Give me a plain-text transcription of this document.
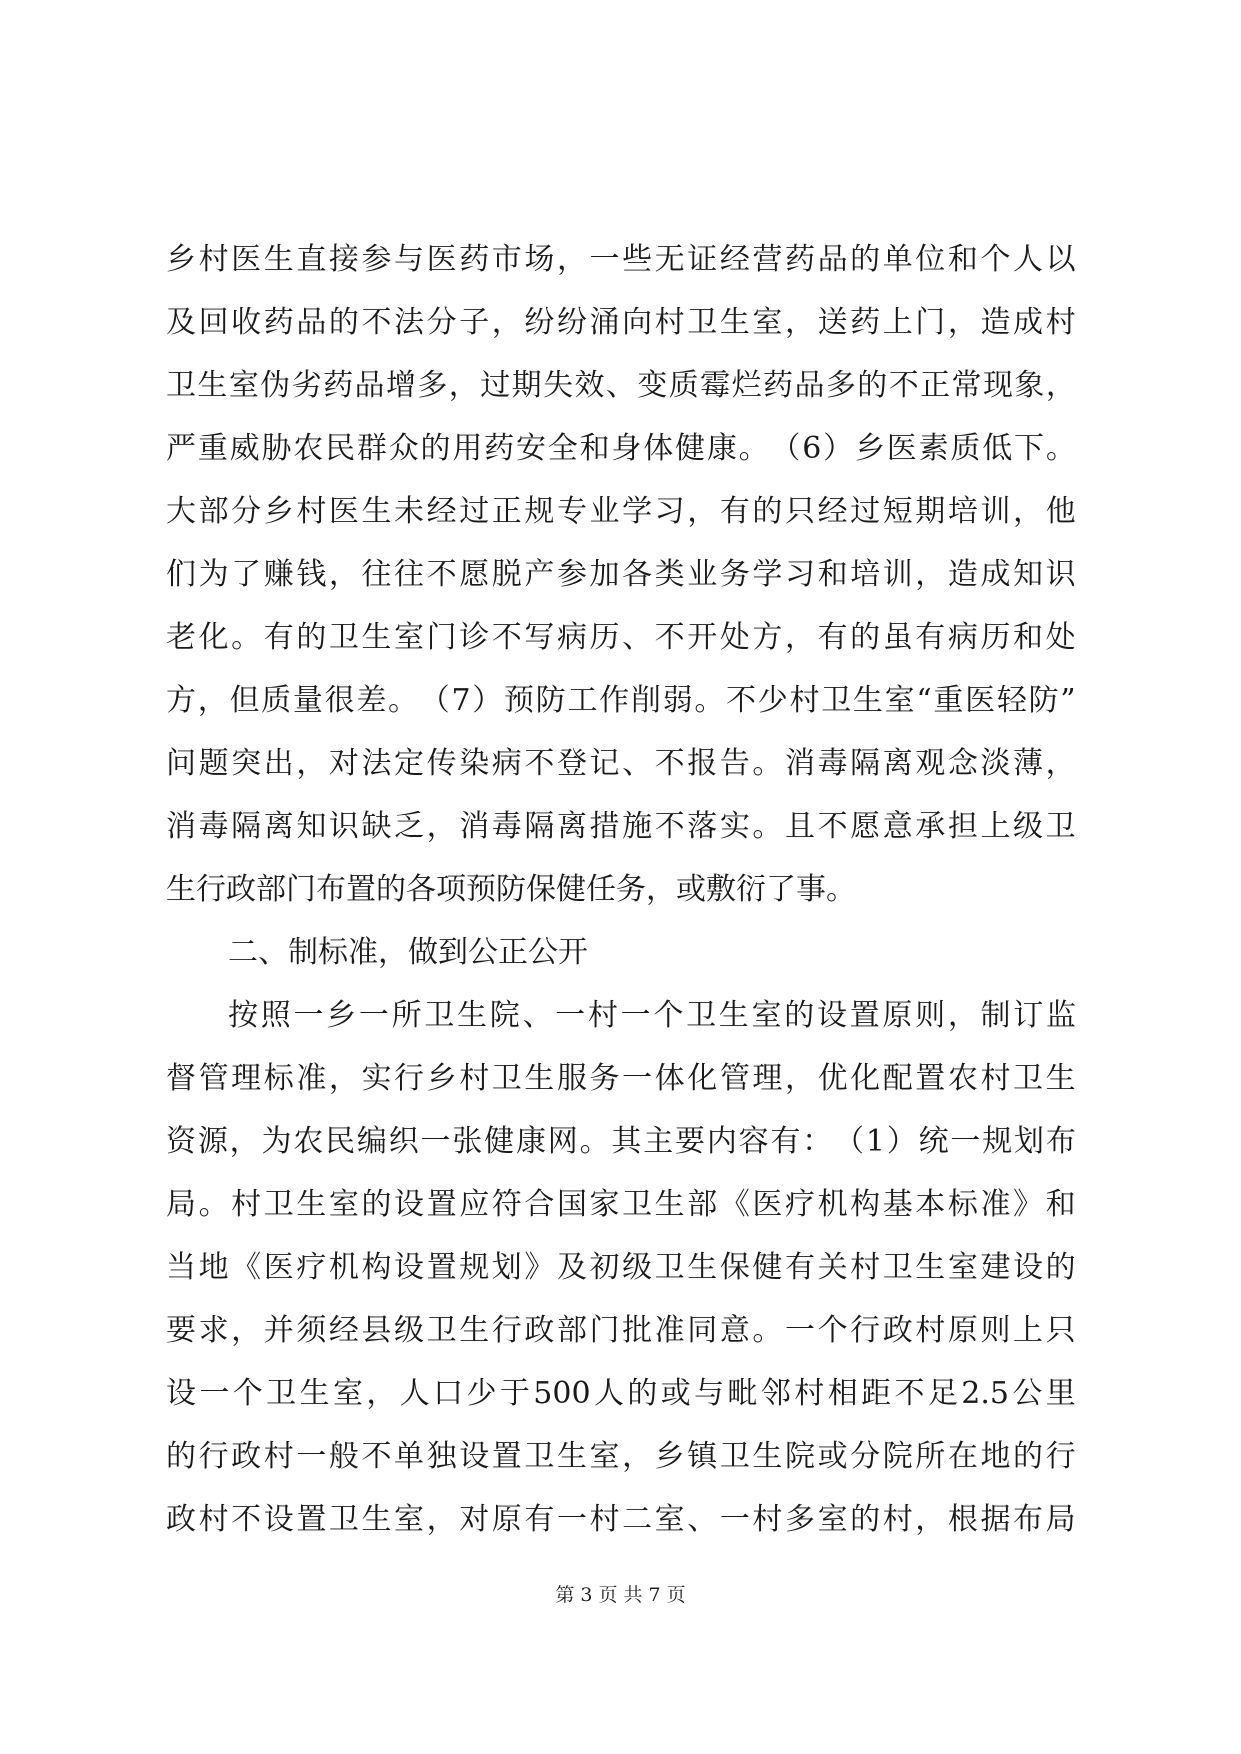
乡 村 医 生 直 接 参 与 医 药 市 场 ， 一 些 无 证 经 营 药 品 的 单 位 和 个 人 以
及 回 收 药 品 的 不 法 分 子 ， 纷 纷 涌 向 村 卫 生 室 ， 送 药 上 门 ， 造 成 村
卫 生 室 伪 劣 药 品 增 多 ， 过 期 失 效 、 变 质 霉 烂 药 品 多 的 不 正 常 现 象 ，
严 重 威 胁 农 民 群 众 的 用 药 安 全 和 身 体 健 康 。 （ 6 ） 乡 医 素 质 低 下 。
大 部 分 乡 村 医 生 未 经 过 正 规 专 业 学 习 ， 有 的 只 经 过 短 期 培 训 ， 他
们 为 了 赚 钱 ， 往 往 不 愿 脱 产 参 加 各 类 业 务 学 习 和 培 训 ， 造 成 知 识
老 化 。 有 的 卫 生 室 门 诊 不 写 病 历 、 不 开 处 方 ， 有 的 虽 有 病 历 和 处
方 ， 但 质 量 很 差 。 （ 7 ） 预 防 工 作 削 弱 。 不 少 村 卫 生 室 “ 重 医 轻 防 ”
问 题 突 出 ， 对 法 定 传 染 病 不 登 记 、 不 报 告 。 消 毒 隔 离 观 念 淡 薄 ，
消 毒 隔 离 知 识 缺 乏 ， 消 毒 隔 离 措 施 不 落 实 。 且 不 愿 意 承 担 上 级 卫
生行政部门布置的各项预防保健任务，或敷衍了事。
二、制标准，做到公正公开
按 照 一 乡 一 所 卫 生 院 、 一 村 一 个 卫 生 室 的 设 置 原 则 ， 制 订 监
督 管 理 标 准 ， 实 行 乡 村 卫 生 服 务 一 体 化 管 理 ， 优 化 配 置 农 村 卫 生
资 源 ， 为 农 民 编 织 一 张 健 康 网 。 其 主 要 内 容 有 ： （ 1 ） 统 一 规 划 布
局 。 村 卫 生 室 的 设 置 应 符 合 国 家 卫 生 部 《 医 疗 机 构 基 本 标 准 》 和
当 地 《 医 疗 机 构 设 置 规 划 》 及 初 级 卫 生 保 健 有 关 村 卫 生 室 建 设 的
要 求 ， 并 须 经 县 级 卫 生 行 政 部 门 批 准 同 意 。 一 个 行 政 村 原 则 上 只
设 一 个 卫 生 室 ， 人 口 少 于 500 人 的 或 与 毗 邻 村 相 距 不 足 2.5 公 里
的 行 政 村 一 般 不 单 独 设 置 卫 生 室 ， 乡 镇 卫 生 院 或 分 院 所 在 地 的 行
政 村 不 设 置 卫 生 室 ， 对 原 有 一 村 二 室 、 一 村 多 室 的 村 ， 根 据 布 局
第 3 页 共 7 页
